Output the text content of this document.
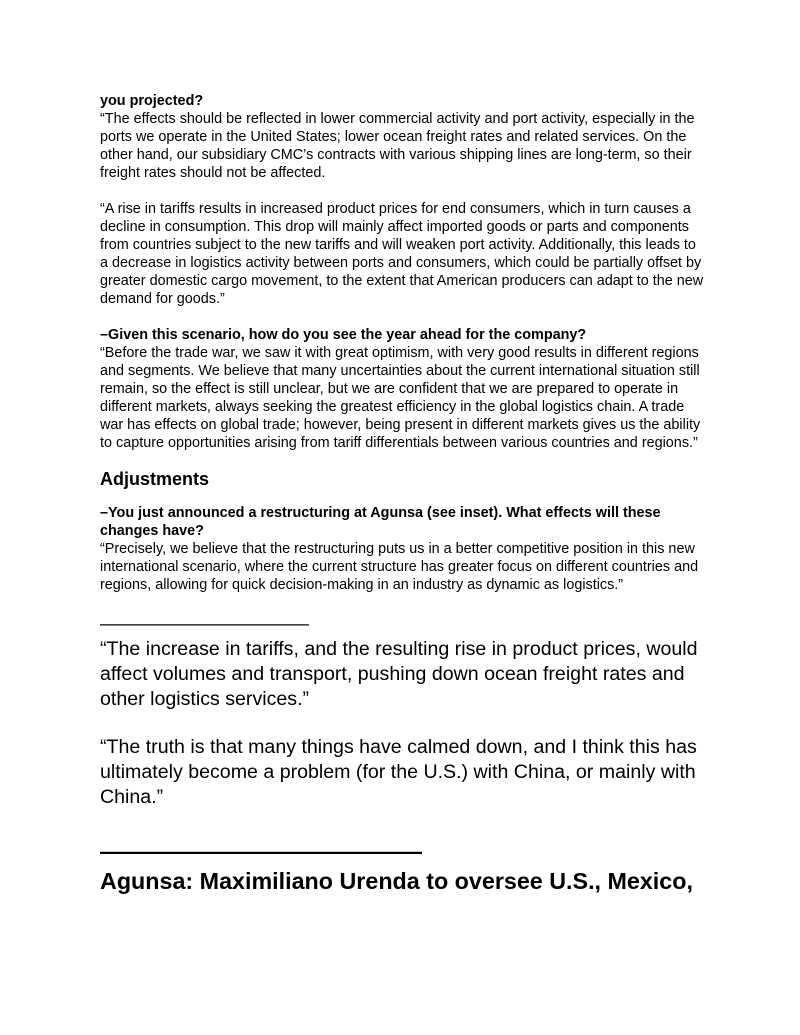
you projected?

“The effects should be reflected in lower commercial activity and port activity, especially in the ports we operate in the United States; lower ocean freight rates and related services. On the other hand, our subsidiary CMC’s contracts with various shipping lines are long-term, so their freight rates should not be affected.

“A rise in tariffs results in increased product prices for end consumers, which in turn causes a decline in consumption. This drop will mainly affect imported goods or parts and components from countries subject to the new tariffs and will weaken port activity. Additionally, this leads to a decrease in logistics activity between ports and consumers, which could be partially offset by greater domestic cargo movement, to the extent that American producers can adapt to the new demand for goods.”

–Given this scenario, how do you see the year ahead for the company?

“Before the trade war, we saw it with great optimism, with very good results in different regions and segments. We believe that many uncertainties about the current international situation still remain, so the effect is still unclear, but we are confident that we are prepared to operate in different markets, always seeking the greatest efficiency in the global logistics chain. A trade war has effects on global trade; however, being present in different markets gives us the ability to capture opportunities arising from tariff differentials between various countries and regions.”

Adjustments

–You just announced a restructuring at Agunsa (see inset). What effects will these changes have?

“Precisely, we believe that the restructuring puts us in a better competitive position in this new international scenario, where the current structure has greater focus on different countries and regions, allowing for quick decision-making in an industry as dynamic as logistics.”

———————————

“The increase in tariffs, and the resulting rise in product prices, would affect volumes and transport, pushing down ocean freight rates and other logistics services.”

“The truth is that many things have calmed down, and I think this has ultimately become a problem (for the U.S.) with China, or mainly with China.”

——————————————

Agunsa: Maximiliano Urenda to oversee U.S., Mexico,
